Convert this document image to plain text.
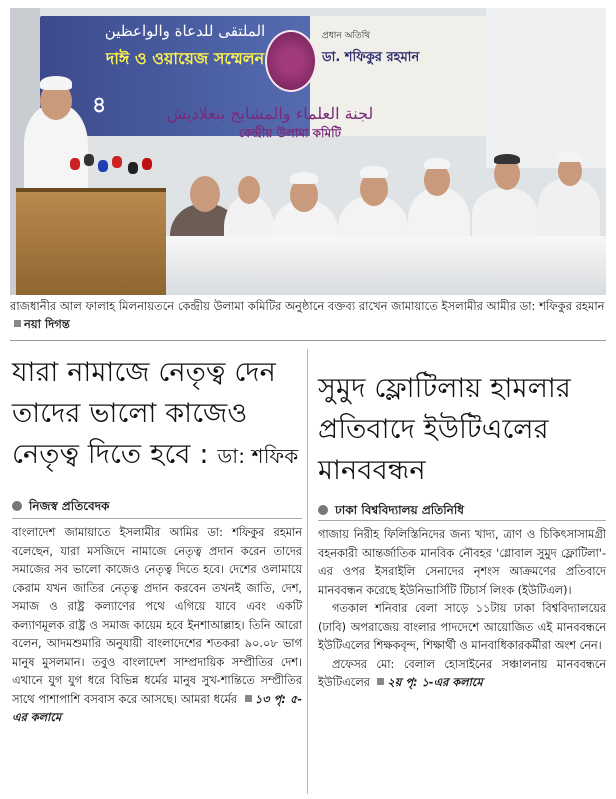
الملتقى للدعاة والواعظين
দাঈ ও ওয়ায়েজ সম্মেলন
৪
প্রধান অতিথি
ডা. শফিকুর রহমান
لجنة العلماء والمشايخ بنغلاديش
কেন্দ্রীয় উলামা কমিটি
রাজধানীর আল ফালাহ মিলনায়তনে কেন্দ্রীয় উলামা কমিটির অনুষ্ঠানে বক্তব্য রাখেন জামায়াতে ইসলামীর আমীর ডা: শফিকুর রহমাননয়া দিগন্ত
যারা নামাজে নেতৃত্ব দেন
তাদের ভালো কাজেও
নেতৃত্ব দিতে হবে : ডা: শফিক
নিজস্ব প্রতিবেদক

বাংলাদেশ জামায়াতে ইসলামীর আমির ডা: শফিকুর রহমান বলেছেন, যারা মসজিদে নামাজে নেতৃত্ব প্রদান করেন তাদের সমাজের সব ভালো কাজেও নেতৃত্ব দিতে হবে। দেশের ওলামায়ে কেরাম যখন জাতির নেতৃত্ব প্রদান করবেন তখনই জাতি, দেশ, সমাজ ও রাষ্ট্র কল্যাণের পথে এগিয়ে যাবে এবং একটি কল্যাণমূলক রাষ্ট্র ও সমাজ কায়েম হবে ইনশাআল্লাহ। তিনি আরো বলেন, আদমশুমারি অনুযায়ী বাংলাদেশের শতকরা ৯০.০৮ ভাগ মানুষ মুসলমান। তবুও বাংলাদেশ সাম্প্রদায়িক সম্প্রীতির দেশ। এখানে যুগ যুগ ধরে বিভিন্ন ধর্মের মানুষ সুখ-শান্তিতে সম্প্রীতির সাথে পাশাপাশি বসবাস করে আসছে। আমরা ধর্মের ১৩ পৃ: ৫-এর কলামে

সুমুদ ফ্লোটিলায় হামলার
প্রতিবাদে ইউটিএলের
মানববন্ধন
ঢাকা বিশ্ববিদ্যালয় প্রতিনিধি

গাজায় নিরীহ ফিলিস্তিনিদের জন্য খাদ্য, ত্রাণ ও চিকিৎসাসামগ্রী বহনকারী আন্তর্জাতিক মানবিক নৌবহর 'গ্লোবাল সুমুদ ফ্লোটিলা'-এর ওপর ইসরাইলি সেনাদের নৃশংস আক্রমণের প্রতিবাদে মানববন্ধন করেছে ইউনিভার্সিটি টিচার্স লিংক (ইউটিএল)।

গতকাল শনিবার বেলা সাড়ে ১১টায় ঢাকা বিশ্ববিদ্যালয়ের (ঢাবি) অপরাজেয় বাংলার পাদদেশে আয়োজিত এই মানববন্ধনে ইউটিএলের শিক্ষকবৃন্দ, শিক্ষার্থী ও মানবাধিকারকর্মীরা অংশ নেন।

প্রফেসর মো: বেলাল হোসাইনের সঞ্চালনায় মানববন্ধনে ইউটিএলের ২য় পৃ: ১-এর কলামে
